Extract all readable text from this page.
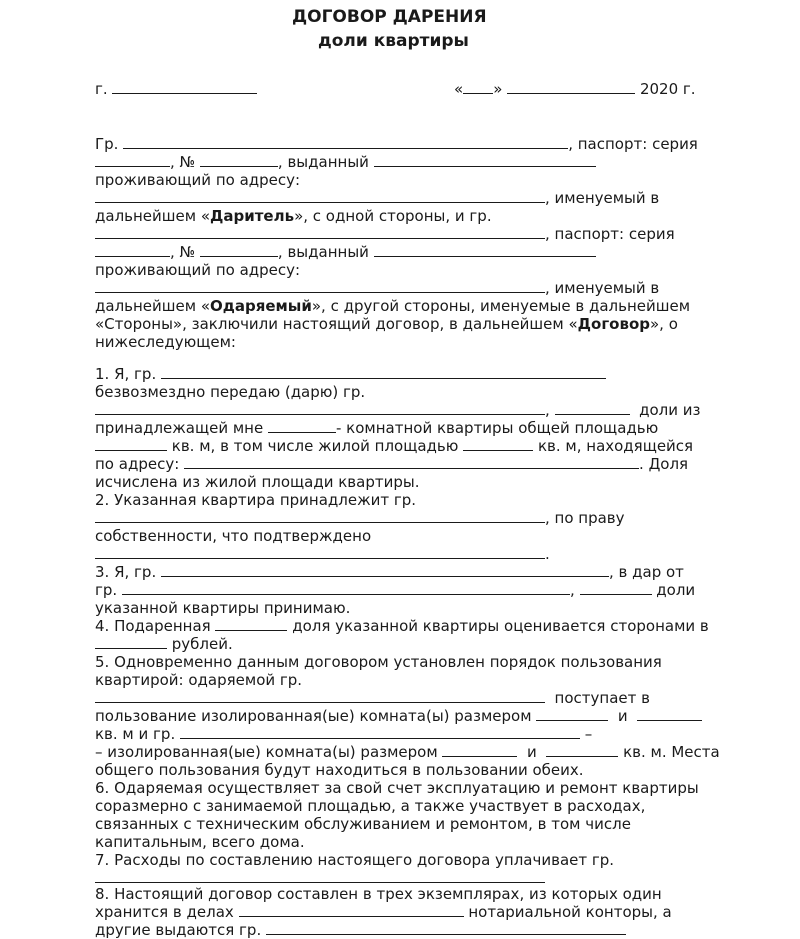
ДОГОВОР ДАРЕНИЯ
доли квартиры
г.	« »	2020 г.
Гр.	, паспорт: серия
, №	, выданный
проживающий по адресу:
, именуемый в
дальнейшем «Даритель», с одной стороны, и гр.
, паспорт: серия
, №	, выданный
проживающий по адресу:
, именуемый в
дальнейшем «Одаряемый», с другой стороны, именуемые в дальнейшем
«Стороны», заключили настоящий договор, в дальнейшем «Договор», о
нижеследующем:
1. Я, гр.
безвозмездно передаю (дарю) гр.
,	доли из
принадлежащей мне	- комнатной квартиры общей площадью
кв. м, в том числе жилой площадью	кв. м, находящейся
по адресу:	. Доля
исчислена из жилой площади квартиры.
2. Указанная квартира принадлежит гр.
, по праву
собственности, что подтверждено
.
3. Я, гр.	, в дар от
гр.	,	доли
указанной квартиры принимаю.
4. Подаренная	доля указанной квартиры оценивается сторонами в
рублей.
5. Одновременно данным договором установлен порядок пользования
квартирой: одаряемой гр.
поступает в
пользование изолированная(ые) комната(ы) размером	и
кв. м и гр.	–
– изолированная(ые) комната(ы) размером	и	кв. м. Места
общего пользования будут находиться в пользовании обеих.
6. Одаряемая осуществляет за свой счет эксплуатацию и ремонт квартиры
соразмерно с занимаемой площадью, а также участвует в расходах,
связанных с техническим обслуживанием и ремонтом, в том числе
капитальным, всего дома.
7. Расходы по составлению настоящего договора уплачивает гр.
8. Настоящий договор составлен в трех экземплярах, из которых один
хранится в делах	нотариальной конторы, а
другие выдаются гр.
